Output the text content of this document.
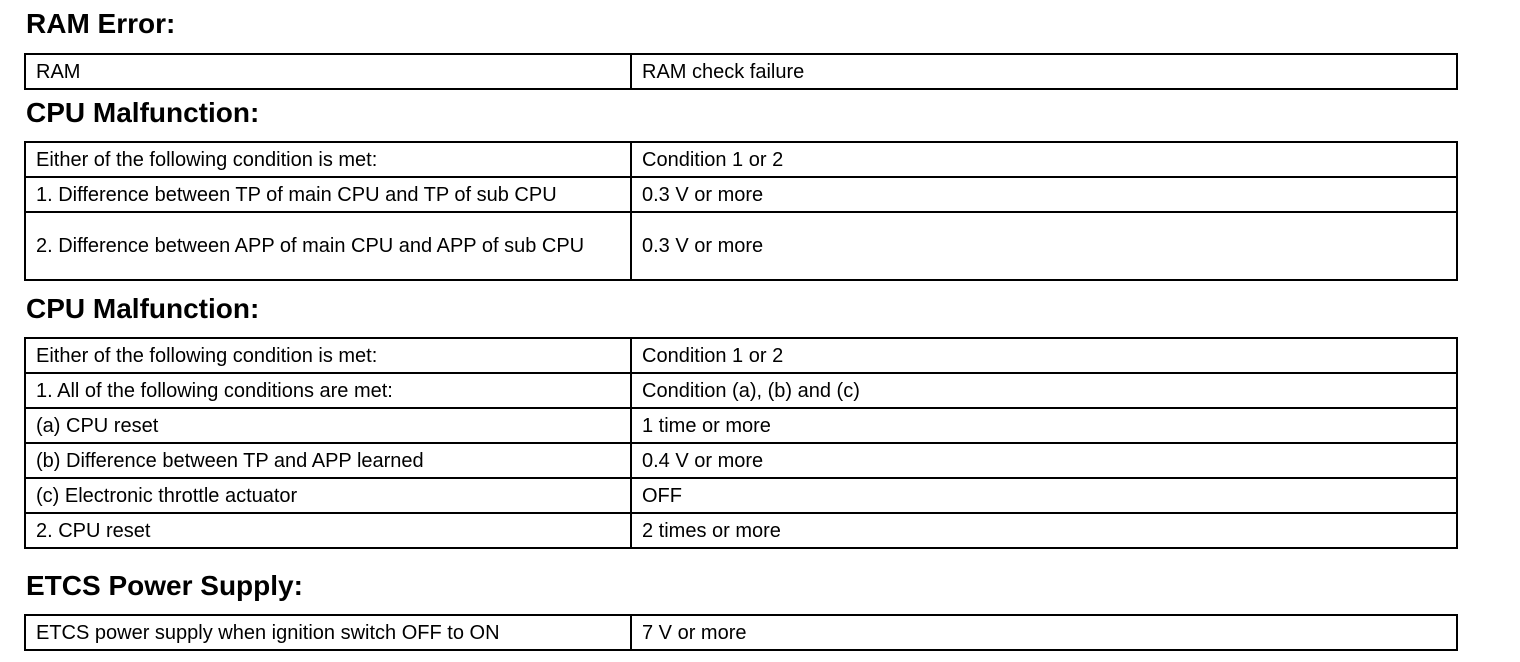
RAM Error:
RAM	RAM check failure
CPU Malfunction:
Either of the following condition is met:	Condition 1 or 2
1. Difference between TP of main CPU and TP of sub CPU	0.3 V or more
2. Difference between APP of main CPU and APP of sub CPU	0.3 V or more
CPU Malfunction:
Either of the following condition is met:	Condition 1 or 2
1. All of the following conditions are met:	Condition (a), (b) and (c)
(a) CPU reset	1 time or more
(b) Difference between TP and APP learned	0.4 V or more
(c) Electronic throttle actuator	OFF
2. CPU reset	2 times or more
ETCS Power Supply:
ETCS power supply when ignition switch OFF to ON	7 V or more
